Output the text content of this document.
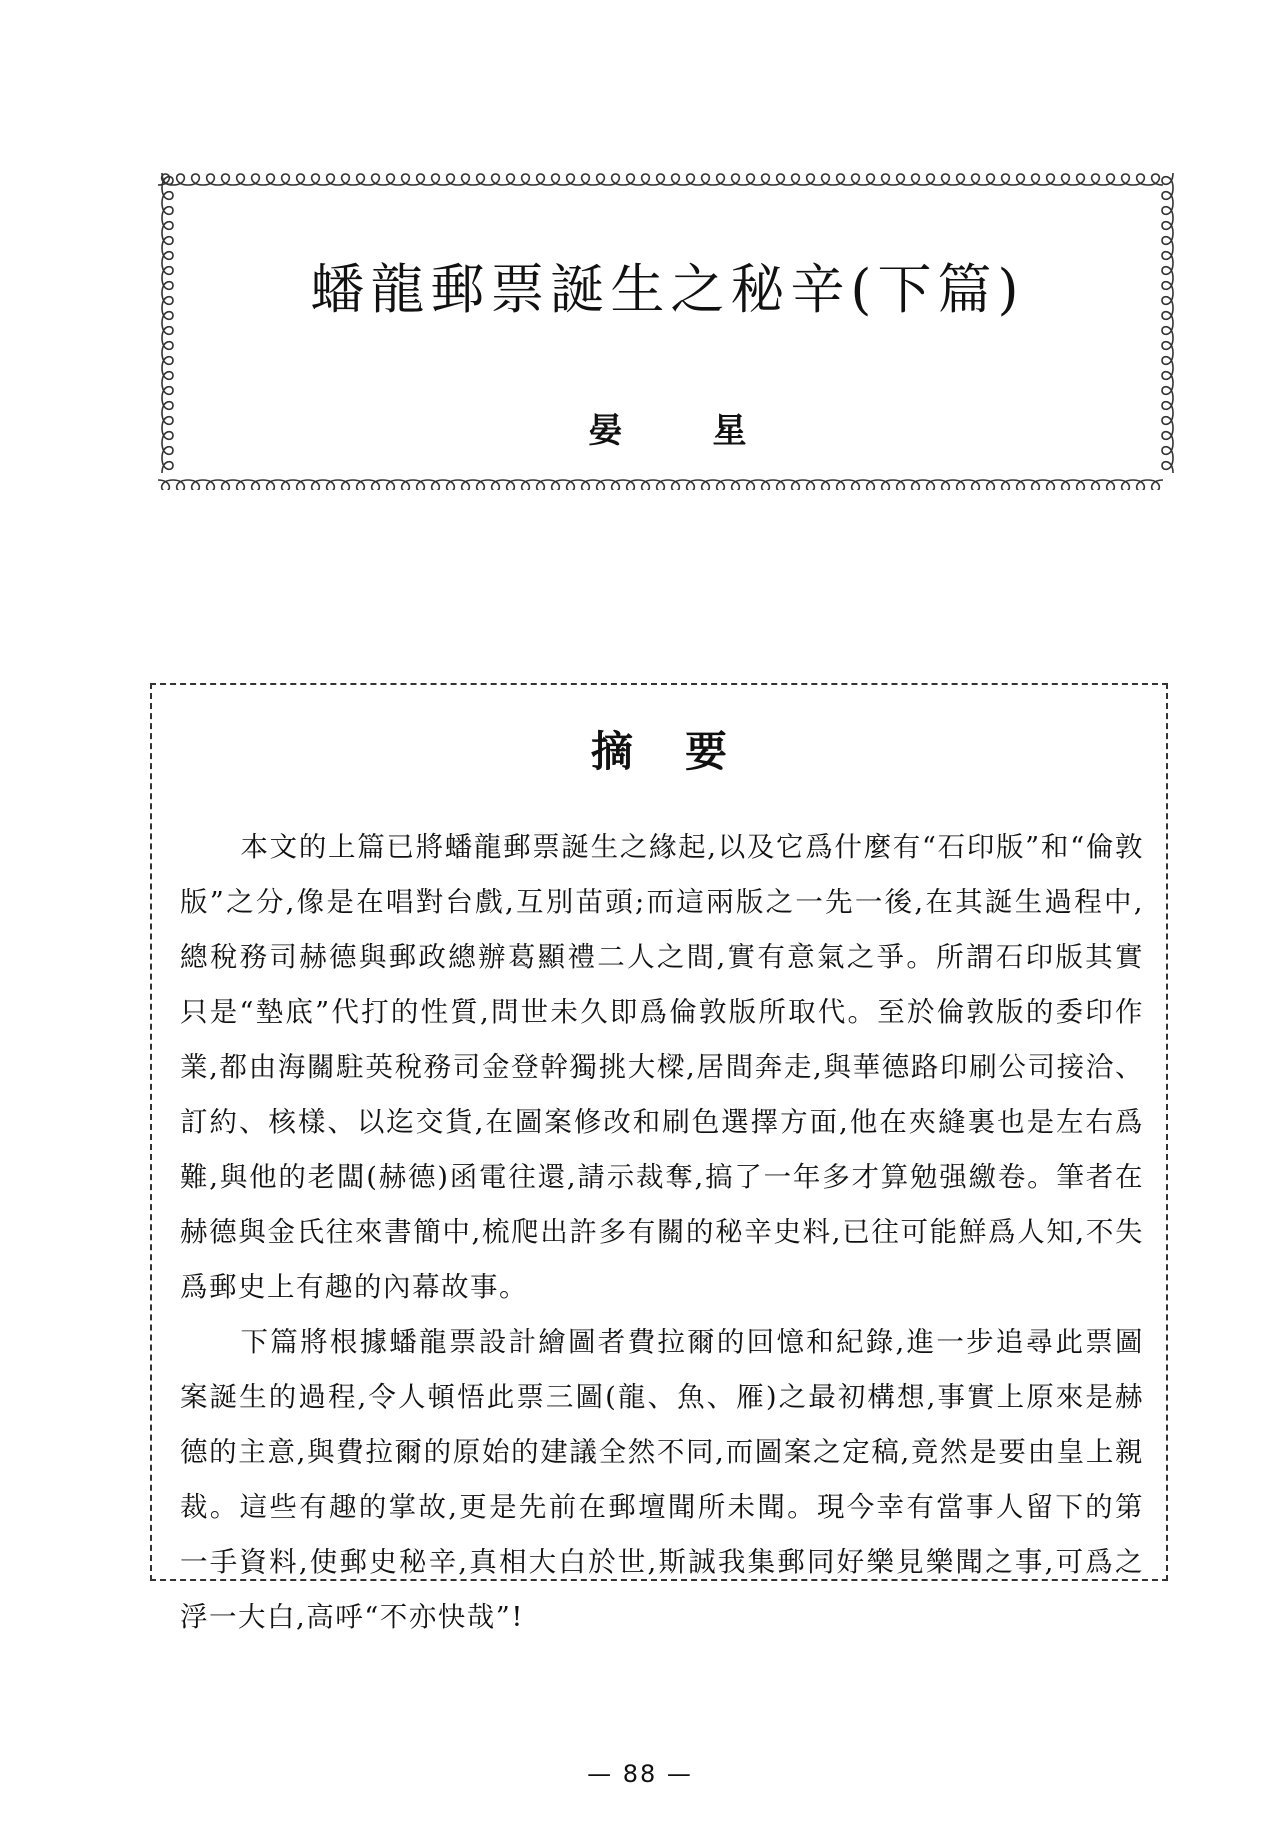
蟠龍郵票誕生之秘辛(下篇)
晏　星
摘要

本文的上篇已將蟠龍郵票誕生之緣起,以及它爲什麼有“石印版”和“倫敦版”之分,像是在唱對台戲,互別苗頭;而這兩版之一先一後,在其誕生過程中,總稅務司赫德與郵政總辦葛顯禮二人之間,實有意氣之爭。所謂石印版其實只是“墊底”代打的性質,問世未久即爲倫敦版所取代。至於倫敦版的委印作業,都由海關駐英稅務司金登幹獨挑大樑,居間奔走,與華德路印刷公司接洽、訂約、核樣、以迄交貨,在圖案修改和刷色選擇方面,他在夾縫裏也是左右爲難,與他的老闆(赫德)函電往還,請示裁奪,搞了一年多才算勉强繳卷。筆者在赫德與金氏往來書簡中,梳爬出許多有關的秘辛史料,已往可能鮮爲人知,不失爲郵史上有趣的內幕故事。

下篇將根據蟠龍票設計繪圖者費拉爾的回憶和紀錄,進一步追尋此票圖案誕生的過程,令人頓悟此票三圖(龍、魚、雁)之最初構想,事實上原來是赫德的主意,與費拉爾的原始的建議全然不同,而圖案之定稿,竟然是要由皇上親裁。這些有趣的掌故,更是先前在郵壇聞所未聞。現今幸有當事人留下的第一手資料,使郵史秘辛,真相大白於世,斯誠我集郵同好樂見樂聞之事,可爲之浮一大白,高呼“不亦快哉”!

— 88 —
